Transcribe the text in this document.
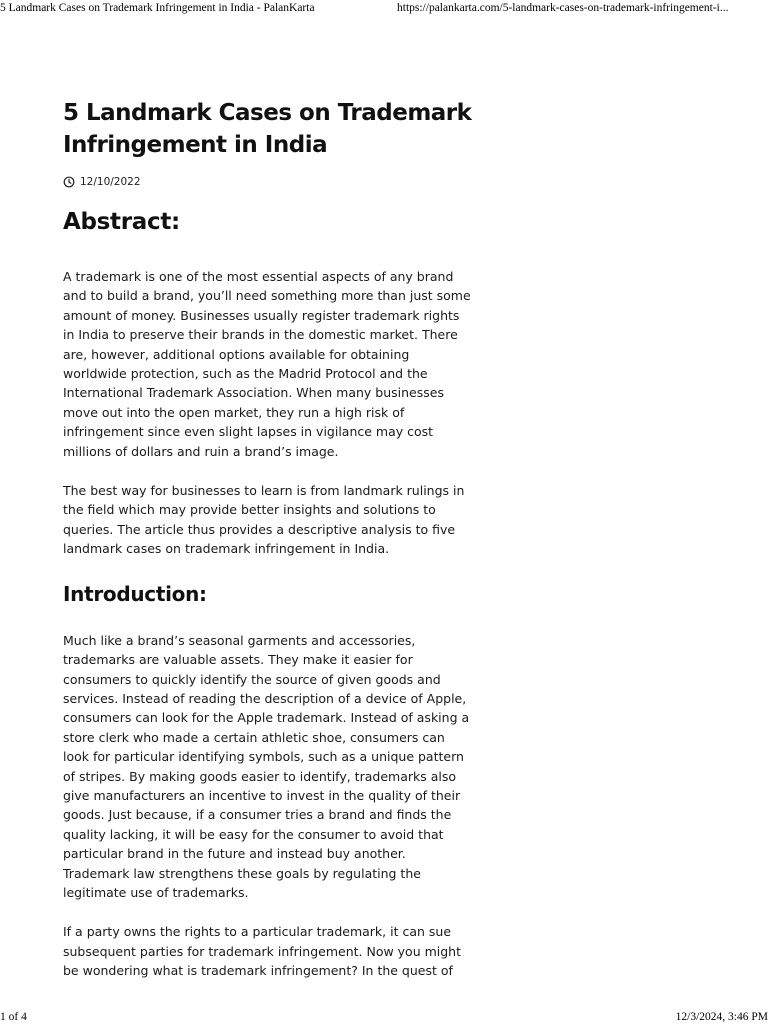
5 Landmark Cases on Trademark Infringement in India - PalanKarta	https://palankarta.com/5-landmark-cases-on-trademark-infringement-i...
5 Landmark Cases on Trademark
Infringement in India
12/10/2022
Abstract:

A trademark is one of the most essential aspects of any brand
and to build a brand, you’ll need something more than just some
amount of money. Businesses usually register trademark rights
in India to preserve their brands in the domestic market. There
are, however, additional options available for obtaining
worldwide protection, such as the Madrid Protocol and the
International Trademark Association. When many businesses
move out into the open market, they run a high risk of
infringement since even slight lapses in vigilance may cost
millions of dollars and ruin a brand’s image.

The best way for businesses to learn is from landmark rulings in
the field which may provide better insights and solutions to
queries. The article thus provides a descriptive analysis to five
landmark cases on trademark infringement in India.

Introduction:

Much like a brand’s seasonal garments and accessories,
trademarks are valuable assets. They make it easier for
consumers to quickly identify the source of given goods and
services. Instead of reading the description of a device of Apple,
consumers can look for the Apple trademark. Instead of asking a
store clerk who made a certain athletic shoe, consumers can
look for particular identifying symbols, such as a unique pattern
of stripes. By making goods easier to identify, trademarks also
give manufacturers an incentive to invest in the quality of their
goods. Just because, if a consumer tries a brand and finds the
quality lacking, it will be easy for the consumer to avoid that
particular brand in the future and instead buy another.
Trademark law strengthens these goals by regulating the
legitimate use of trademarks.

If a party owns the rights to a particular trademark, it can sue
subsequent parties for trademark infringement. Now you might
be wondering what is trademark infringement? In the quest of

1 of 4	12/3/2024, 3:46 PM
